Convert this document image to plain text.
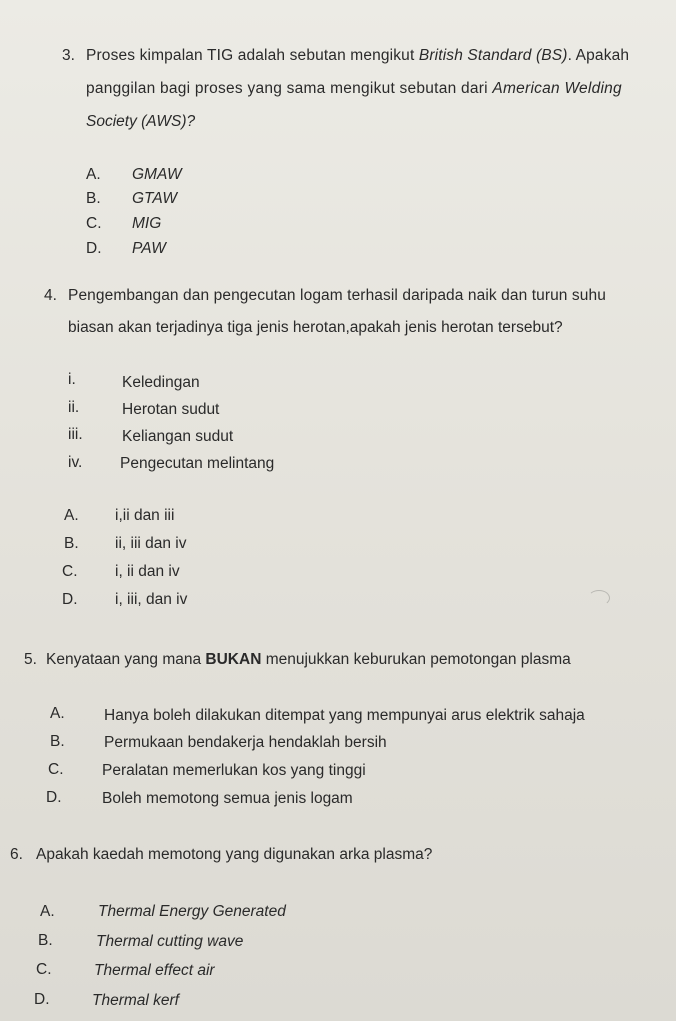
3. Proses kimpalan TIG adalah sebutan mengikut British Standard (BS). Apakah
panggilan bagi proses yang sama mengikut sebutan dari American Welding
Society (AWS)?
A. GMAW
B. GTAW
C. MIG
D. PAW
4. Pengembangan dan pengecutan logam terhasil daripada naik dan turun suhu
biasan akan terjadinya tiga jenis herotan,apakah jenis herotan tersebut?
i.	Keledingan
ii.	Herotan sudut
iii.	Keliangan sudut
iv. Pengecutan melintang
A. i,ii dan iii
B. ii, iii dan iv
C. i, ii dan iv
D. i, iii, dan iv
5. Kenyataan yang mana BUKAN menujukkan keburukan pemotongan plasma
A.	Hanya boleh dilakukan ditempat yang mempunyai arus elektrik sahaja
B.	Permukaan bendakerja hendaklah bersih
C. Peralatan memerlukan kos yang tinggi
D.	Boleh memotong semua jenis logam
6. Apakah kaedah memotong yang digunakan arka plasma?
A.	Thermal Energy Generated
B.	Thermal cutting wave
C.	Thermal effect air
D.	Thermal kerf
